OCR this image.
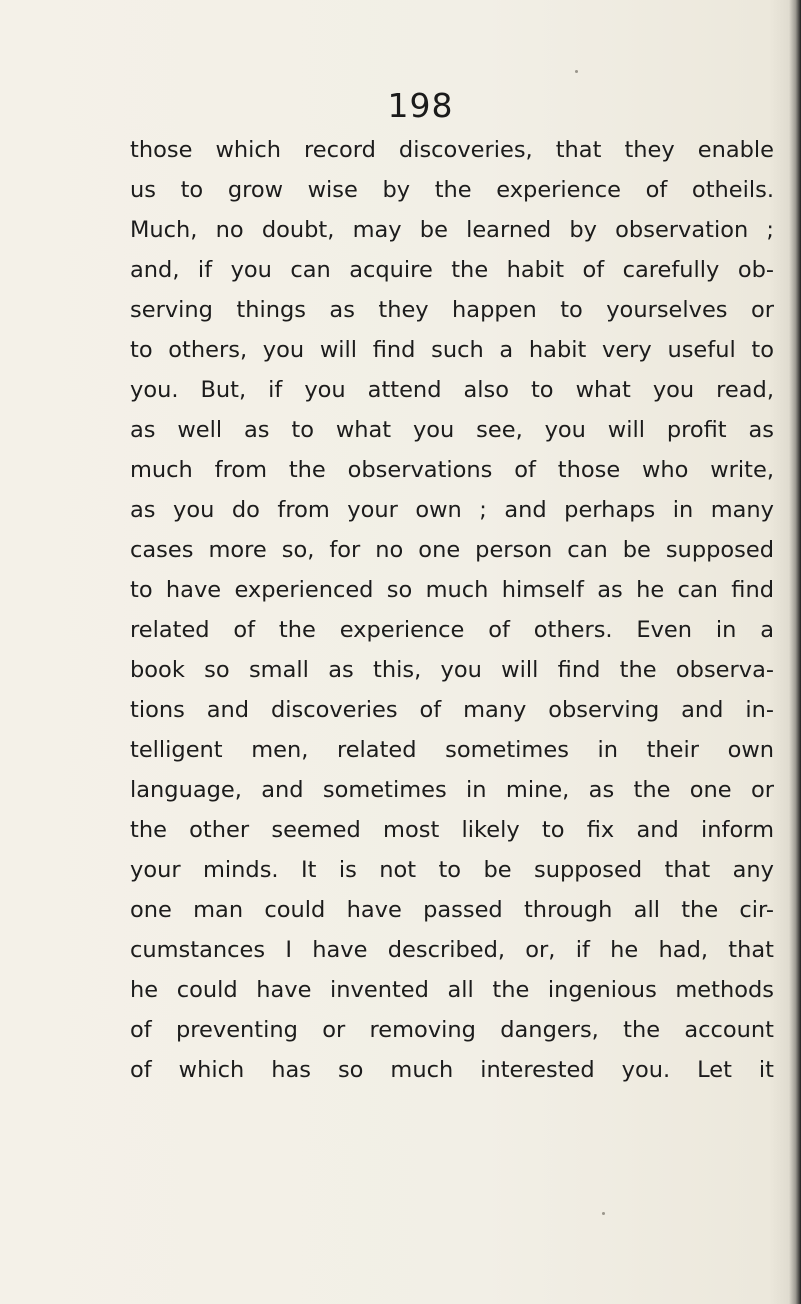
198
those which record discoveries, that they enable
us to grow wise by the experience of otheils.
Much, no doubt, may be learned by observation ;
and, if you can acquire the habit of carefully ob-
serving things as they happen to yourselves or
to others, you will find such a habit very useful to
you. But, if you attend also to what you read,
as well as to what you see, you will profit as
much from the observations of those who write,
as you do from your own ; and perhaps in many
cases more so, for no one person can be supposed
to have experienced so much himself as he can find
related of the experience of others. Even in a
book so small as this, you will find the observa-
tions and discoveries of many observing and in-
telligent men, related sometimes in their own
language, and sometimes in mine, as the one or
the other seemed most likely to fix and inform
your minds. It is not to be supposed that any
one man could have passed through all the cir-
cumstances I have described, or, if he had, that
he could have invented all the ingenious methods
of preventing or removing dangers, the account
of which has so much interested you. Let it
